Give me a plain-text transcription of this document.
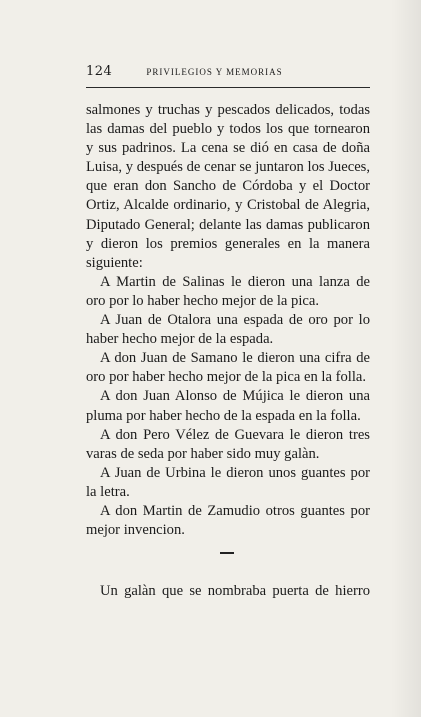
124	PRIVILEGIOS Y MEMORIAS

salmones y truchas y pescados delicados, todas las damas del pueblo y todos los que tornearon y sus padrinos. La cena se dió en casa de doña Luisa, y después de cenar se juntaron los Jueces, que eran don Sancho de Córdoba y el Doctor Ortiz, Alcalde ordinario, y Cristobal de Alegria, Diputado General; delante las damas publicaron y dieron los premios generales en la manera siguiente:

A Martin de Salinas le dieron una lanza de oro por lo haber hecho mejor de la pica.

A Juan de Otalora una espada de oro por lo haber hecho mejor de la espada.

A don Juan de Samano le dieron una cifra de oro por haber hecho mejor de la pica en la folla.

A don Juan Alonso de Mújica le dieron una pluma por haber hecho de la espada en la folla.

A don Pero Vélez de Guevara le dieron tres varas de seda por haber sido muy galàn.

A Juan de Urbina le dieron unos guantes por la letra.

A don Martin de Zamudio otros guantes por mejor invencion.

Un galàn que se nombraba puerta de hierro
